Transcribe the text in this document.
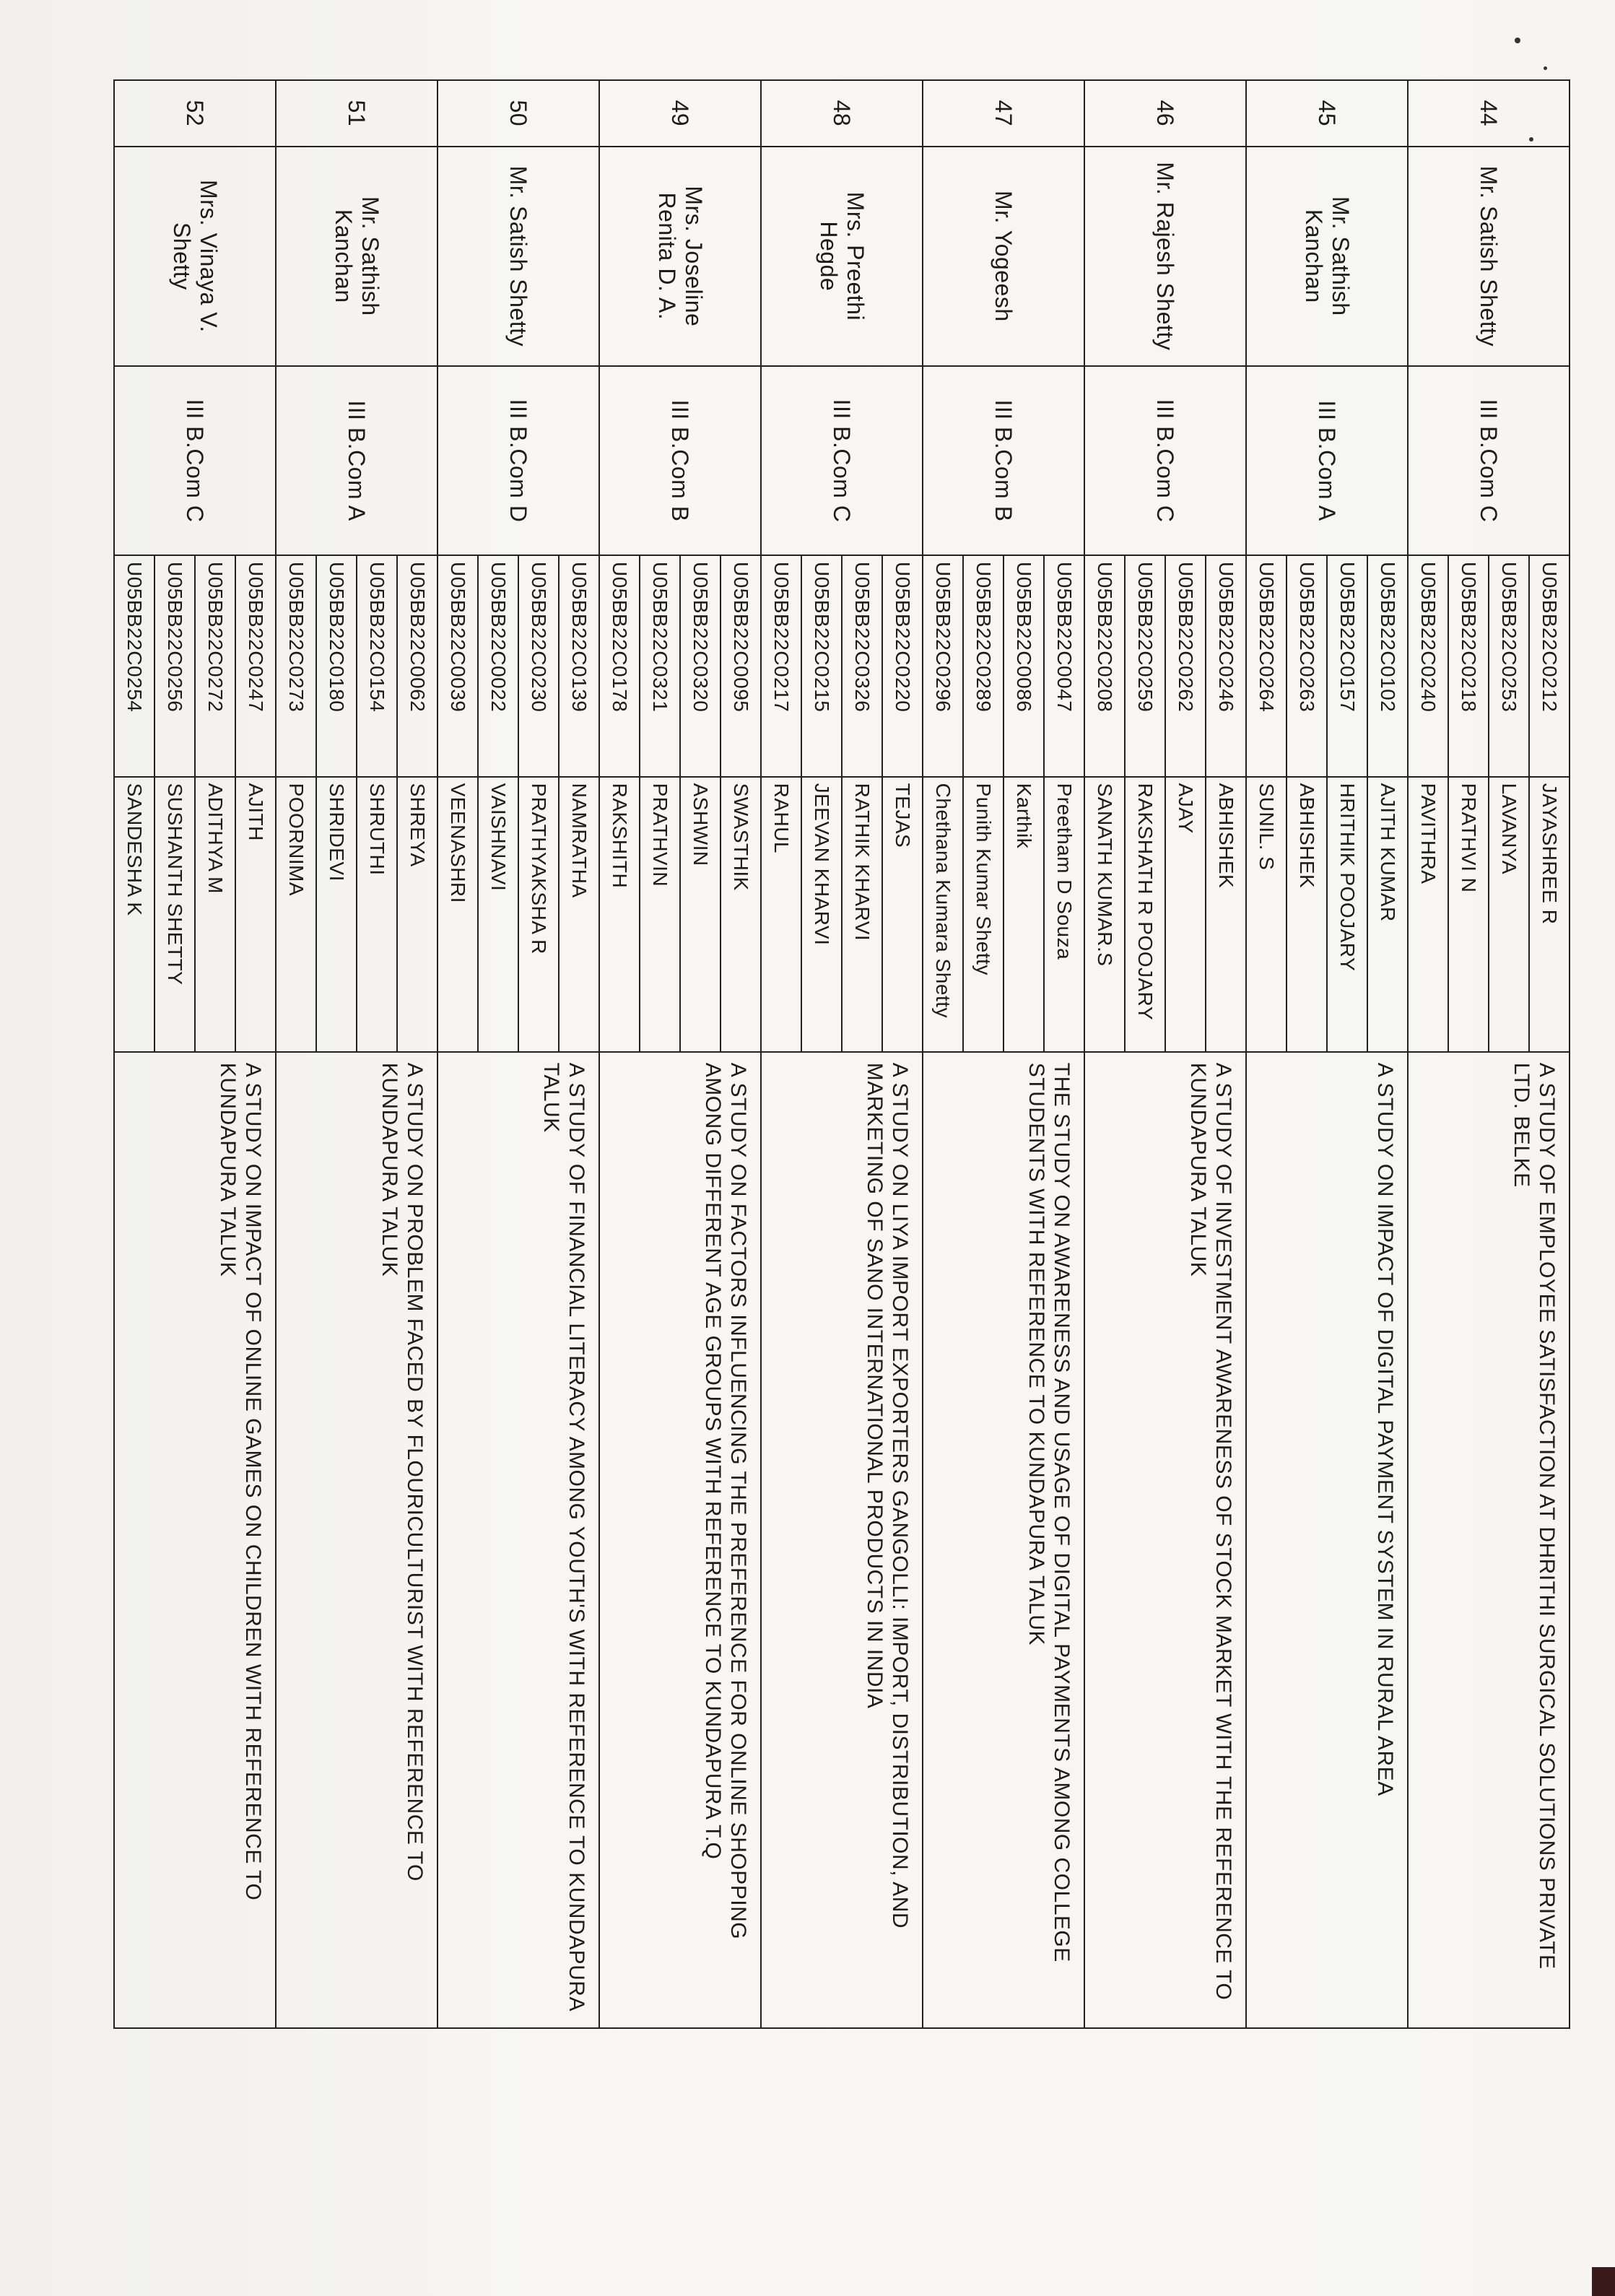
44	Mr. Satish Shetty	III B.Com C	U05BB22C0212	JAYASHREE R	A STUDY OF EMPLOYEE SATISFACTION AT DHRITHI SURGICAL SOLUTIONS PRIVATE LTD. BELKE
			U05BB22C0253	LAVANYA	
			U05BB22C0218	PRATHVI N	
			U05BB22C0240	PAVITHRA	
45	Mr. Sathish Kanchan	III B.Com A	U05BB22C0102	AJITH KUMAR	A STUDY ON IMPACT OF DIGITAL PAYMENT SYSTEM IN RURAL AREA
			U05BB22C0157	HRITHIK POOJARY	
			U05BB22C0263	ABHISHEK	
			U05BB22C0264	SUNIL. S	
46	Mr. Rajesh Shetty	III B.Com C	U05BB22C0246	ABHISHEK	A STUDY OF INVESTMENT AWARENESS OF STOCK MARKET WITH THE REFERENCE TO KUNDAPURA TALUK
			U05BB22C0262	AJAY	
			U05BB22C0259	RAKSHATH R POOJARY	
			U05BB22C0208	SANATH KUMAR.S	
47	Mr. Yogeesh	III B.Com B	U05BB22C0047	Preetham D Souza	THE STUDY ON AWARENESS AND USAGE OF DIGITAL PAYMENTS AMONG COLLEGE STUDENTS WITH REFERENCE TO KUNDAPURA TALUK
			U05BB22C0086	Karthik	
			U05BB22C0289	Punith Kumar Shetty	
			U05BB22C0296	Chethana Kumara Shetty	
48	Mrs. Preethi Hegde	III B.Com C	U05BB22C0220	TEJAS	A STUDY ON LIYA IMPORT EXPORTERS GANGOLLI: IMPORT, DISTRIBUTION, AND MARKETING OF SANO INTERNATIONAL PRODUCTS IN INDIA
			U05BB22C0326	RATHIK KHARVI	
			U05BB22C0215	JEEVAN KHARVI	
			U05BB22C0217	RAHUL	
49	Mrs. Joseline Renita D. A.	III B.Com B	U05BB22C0095	SWASTHIK	A STUDY ON FACTORS INFLUENCING THE PREFERENCE FOR ONLINE SHOPPING AMONG DIFFERENT AGE GROUPS WITH REFERENCE TO KUNDAPURA T.Q
			U05BB22C0320	ASHWIN	
			U05BB22C0321	PRATHVIN	
			U05BB22C0178	RAKSHITH	
50	Mr. Satish Shetty	III B.Com D	U05BB22C0139	NAMRATHA	A STUDY OF FINANCIAL LITERACY AMONG YOUTH'S WITH REFERENCE TO KUNDAPURA TALUK
			U05BB22C0230	PRATHYAKSHA R	
			U05BB22C0022	VAISHNAVI	
			U05BB22C0039	VEENASHRI	
51	Mr. Sathish Kanchan	III B.Com A	U05BB22C0062	SHREYA	A STUDY ON PROBLEM FACED BY FLOURICULTURIST WITH REFERENCE TO KUNDAPURA TALUK
			U05BB22C0154	SHRUTHI	
			U05BB22C0180	SHRIDEVI	
			U05BB22C0273	POORNIMA	
52	Mrs. Vinaya V. Shetty	III B.Com C	U05BB22C0247	AJITH	A STUDY ON IMPACT OF ONLINE GAMES ON CHILDREN WITH REFERENCE TO KUNDAPURA TALUK
			U05BB22C0272	ADITHYA M	
			U05BB22C0256	SUSHANTH SHETTY	
			U05BB22C0254	SANDESHA K	
